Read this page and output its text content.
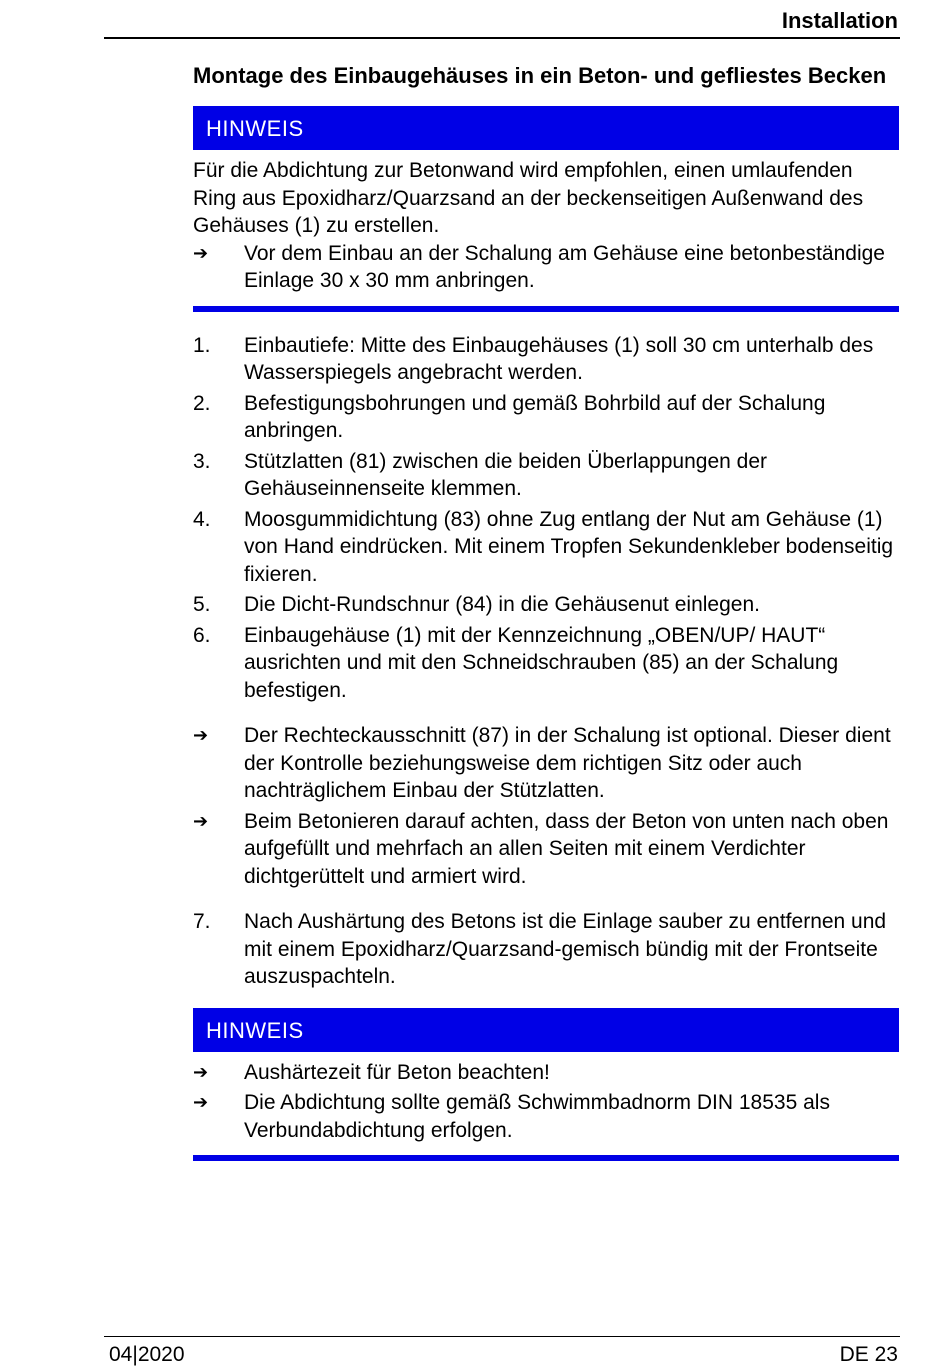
Installation
Montage des Einbaugehäuses in ein Beton- und gefliestes Becken
HINWEIS

Für die Abdichtung zur Betonwand wird empfohlen, einen umlaufenden Ring aus Epoxidharz/Quarzsand an der beckenseitigen Außenwand des Gehäuses (1) zu erstellen.

➔	Vor dem Einbau an der Schalung am Gehäuse eine betonbeständige Einlage 30 x 30 mm anbringen.
1.	Einbautiefe: Mitte des Einbaugehäuses (1) soll 30 cm unterhalb des Wasserspiegels angebracht werden.
2.	Befestigungsbohrungen und gemäß Bohrbild auf der Schalung anbringen.
3.	Stützlatten (81) zwischen die beiden Überlappungen der Gehäuseinnenseite klemmen.
4.	Moosgummidichtung (83) ohne Zug entlang der Nut am Gehäuse (1) von Hand eindrücken. Mit einem Tropfen Sekundenkleber bodenseitig fixieren.
5.	Die Dicht-Rundschnur (84) in die Gehäusenut einlegen.
6.	Einbaugehäuse (1) mit der Kennzeichnung „OBEN/UP/ HAUT“ ausrichten und mit den Schneidschrauben (85) an der Schalung befestigen.
➔	Der Rechteckausschnitt (87) in der Schalung ist optional. Dieser dient der Kontrolle beziehungsweise dem richtigen Sitz oder auch nachträglichem Einbau der Stützlatten.
➔	Beim Betonieren darauf achten, dass der Beton von unten nach oben aufgefüllt und mehrfach an allen Seiten mit einem Verdichter dichtgerüttelt und armiert wird.
7.	Nach Aushärtung des Betons ist die Einlage sauber zu entfernen und mit einem Epoxidharz/Quarzsand-gemisch bündig mit der Frontseite auszuspachteln.
HINWEIS
➔	Aushärtezeit für Beton beachten!
➔	Die Abdichtung sollte gemäß Schwimmbadnorm DIN 18535 als Verbundabdichtung erfolgen.
04|2020	DE 23
